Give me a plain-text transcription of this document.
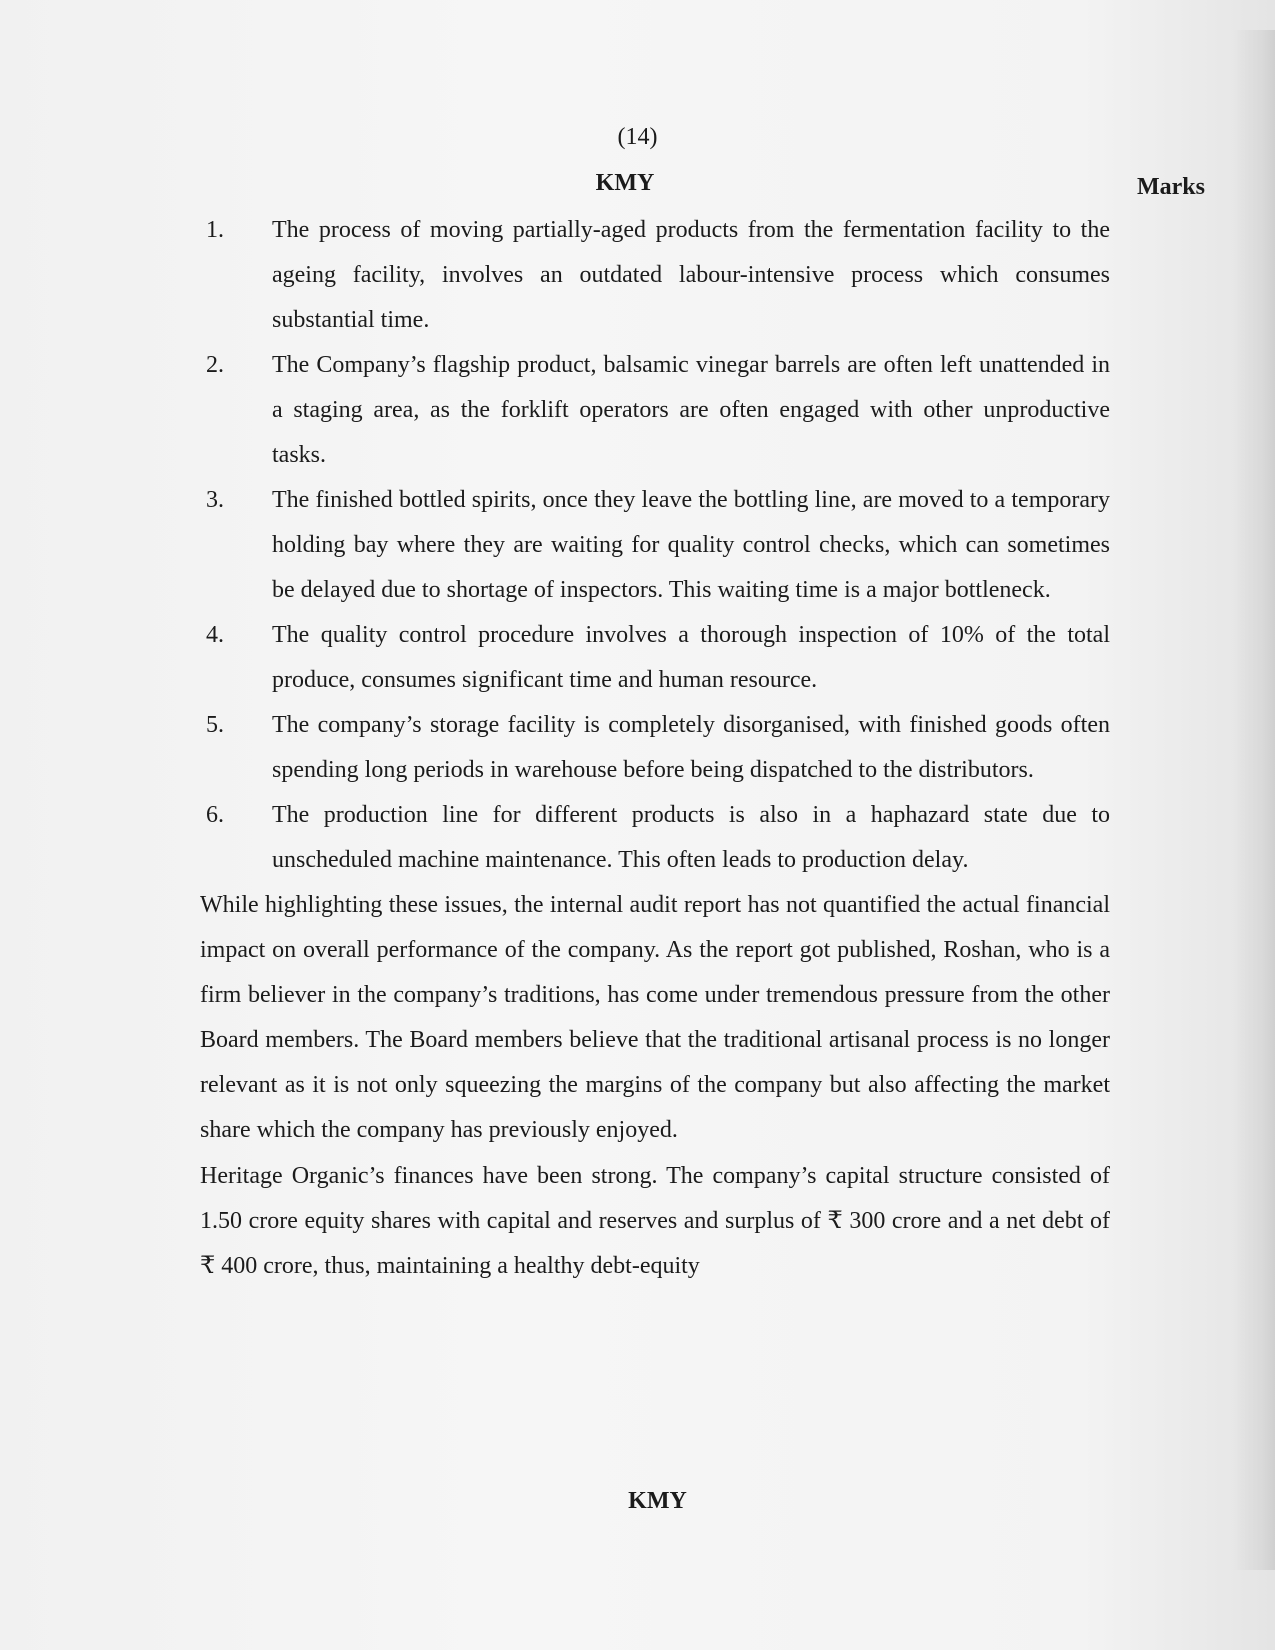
(14)
KMY	Marks
1. The process of moving partially-aged products from the fermentation facility to the ageing facility, involves an outdated labour-intensive process which consumes substantial time.
2. The Company’s flagship product, balsamic vinegar barrels are often left unattended in a staging area, as the forklift operators are often engaged with other unproductive tasks.
3. The finished bottled spirits, once they leave the bottling line, are moved to a temporary holding bay where they are waiting for quality control checks, which can sometimes be delayed due to shortage of inspectors. This waiting time is a major bottleneck.
4. The quality control procedure involves a thorough inspection of 10% of the total produce, consumes significant time and human resource.
5. The company’s storage facility is completely disorganised, with finished goods often spending long periods in warehouse before being dispatched to the distributors.
6. The production line for different products is also in a haphazard state due to unscheduled machine maintenance. This often leads to production delay.

While highlighting these issues, the internal audit report has not quantified the actual financial impact on overall performance of the company. As the report got published, Roshan, who is a firm believer in the company’s traditions, has come under tremendous pressure from the other Board members. The Board members believe that the traditional artisanal process is no longer relevant as it is not only squeezing the margins of the company but also affecting the market share which the company has previously enjoyed.

Heritage Organic’s finances have been strong. The company’s capital structure consisted of 1.50 crore equity shares with capital and reserves and surplus of ₹ 300 crore and a net debt of ₹ 400 crore, thus, maintaining a healthy debt-equity

KMY
